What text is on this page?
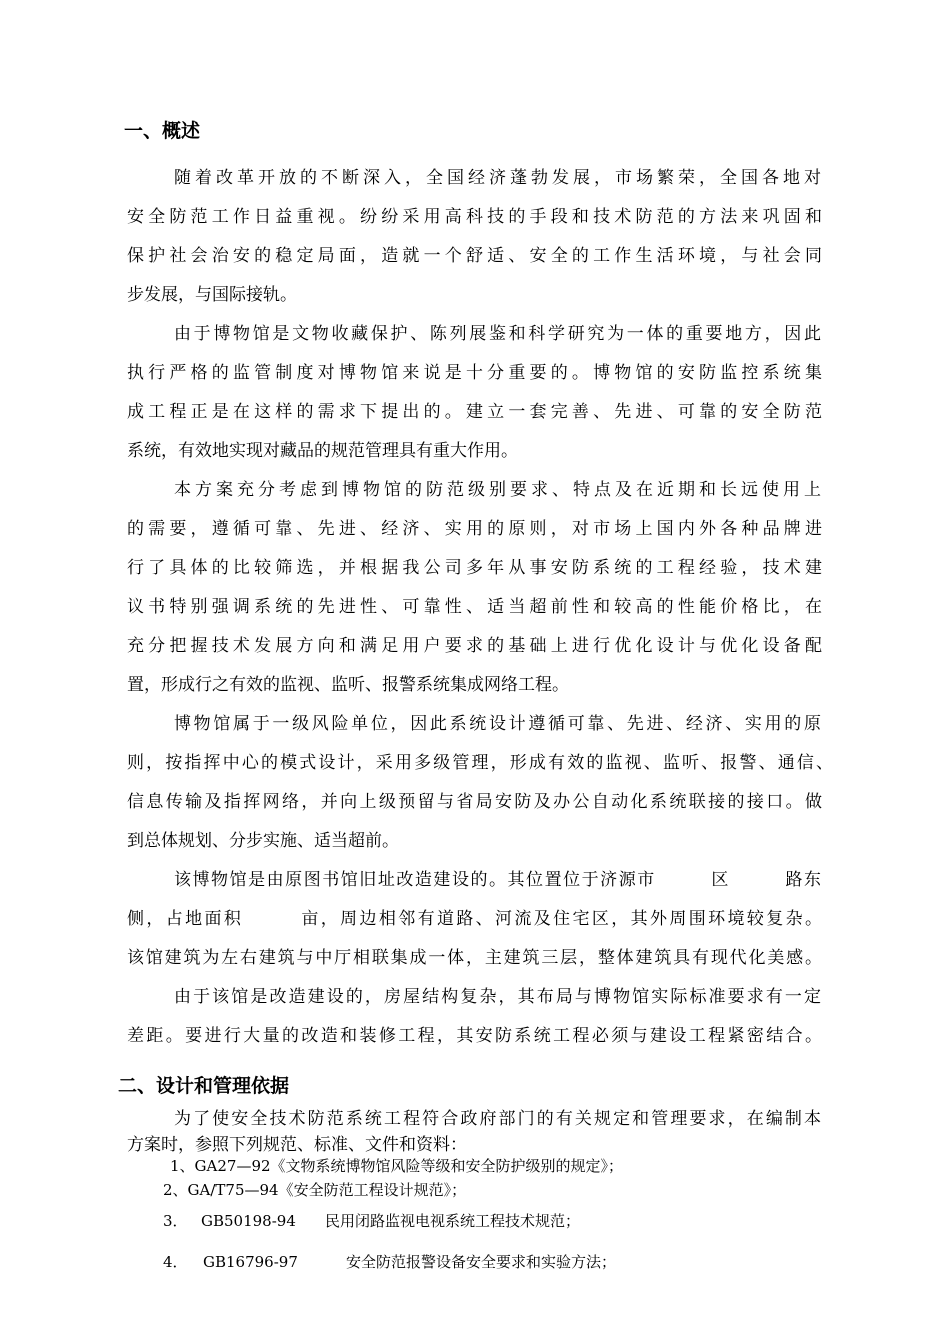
一、概述

随着改革开放的不断深入，全国经济蓬勃发展，市场繁荣，全国各地对

安全防范工作日益重视。纷纷采用高科技的手段和技术防范的方法来巩固和

保护社会治安的稳定局面，造就一个舒适、安全的工作生活环境，与社会同

步发展，与国际接轨。

由于博物馆是文物收藏保护、陈列展鉴和科学研究为一体的重要地方，因此

执行严格的监管制度对博物馆来说是十分重要的。博物馆的安防监控系统集

成工程正是在这样的需求下提出的。建立一套完善、先进、可靠的安全防范

系统，有效地实现对藏品的规范管理具有重大作用。

本方案充分考虑到博物馆的防范级别要求、特点及在近期和长远使用上

的需要，遵循可靠、先进、经济、实用的原则，对市场上国内外各种品牌进

行了具体的比较筛选，并根据我公司多年从事安防系统的工程经验，技术建

议书特别强调系统的先进性、可靠性、适当超前性和较高的性能价格比，在

充分把握技术发展方向和满足用户要求的基础上进行优化设计与优化设备配

置，形成行之有效的监视、监听、报警系统集成网络工程。

博物馆属于一级风险单位，因此系统设计遵循可靠、先进、经济、实用的原

则，按指挥中心的模式设计，采用多级管理，形成有效的监视、监听、报警、通信、

信息传输及指挥网络，并向上级预留与省局安防及办公自动化系统联接的接口。做

到总体规划、分步实施、适当超前。

该博物馆是由原图书馆旧址改造建设的。其位置位于济源市　　　区　　　路东

侧，占地面积　　　亩，周边相邻有道路、河流及住宅区，其外周围环境较复杂。

该馆建筑为左右建筑与中厅相联集成一体，主建筑三层，整体建筑具有现代化美感。

由于该馆是改造建设的，房屋结构复杂，其布局与博物馆实际标准要求有一定

差距。要进行大量的改造和装修工程，其安防系统工程必须与建设工程紧密结合。

二、设计和管理依据

为了使安全技术防范系统工程符合政府部门的有关规定和管理要求，在编制本

方案时，参照下列规范、标准、文件和资料：

1、GA27—92《文物系统博物馆风险等级和安全防护级别的规定》；

2、GA/T75—94《安全防范工程设计规范》；

3． GB50198-94 民用闭路监视电视系统工程技术规范；

4． GB16796-97	安全防范报警设备安全要求和实验方法；
